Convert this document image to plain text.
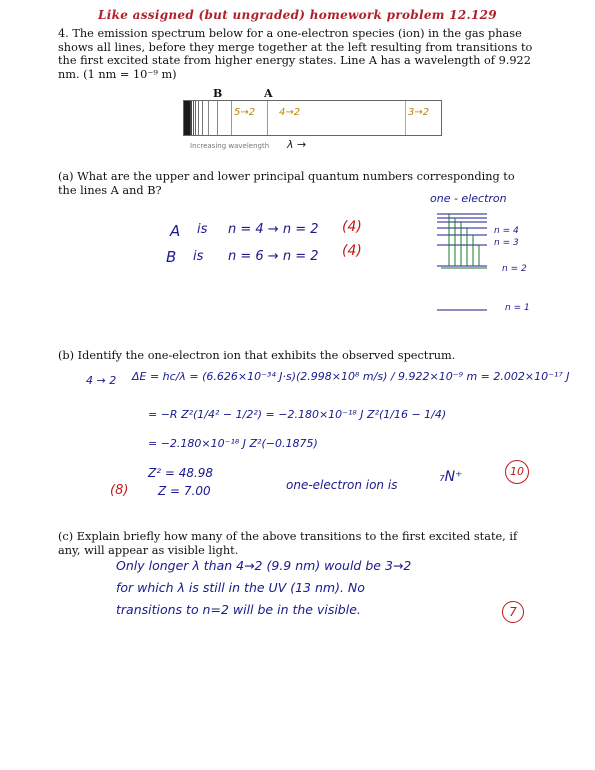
Like assigned (but ungraded) homework problem 12.129
4. The emission spectrum below for a one-electron species (ion) in the gas phase shows all lines, before they merge together at the left resulting from transitions to the first excited state from higher energy states. Line A has a wavelength of 9.922 nm. (1 nm = 10⁻⁹ m)
B	A
5→2 4→2	3→2
Increasing wavelength λ →
(a) What are the upper and lower principal quantum numbers corresponding to the lines A and B?
one - electron
A is n = 4 → n = 2 (4)
B is n = 6 → n = 2 (4)
n = 4
n = 3
n = 2
n = 1
(b) Identify the one-electron ion that exhibits the observed spectrum.
4 → 2 ΔE = hc/λ = (6.626×10⁻³⁴ J·s)(2.998×10⁸ m/s) / 9.922×10⁻⁹ m = 2.002×10⁻¹⁷ J
= −R Z²(1/4² − 1/2²) = −2.180×10⁻¹⁸ J Z²(1/16 − 1/4)
= −2.180×10⁻¹⁸ J Z²(−0.1875)
Z² = 48.98
Z = 7.00
(8)	one-electron ion is	₇N⁺	10
(c) Explain briefly how many of the above transitions to the first excited state, if any, will appear as visible light.
Only longer λ than 4→2 (9.9 nm) would be 3→2
for which λ is still in the UV (13 nm). No
transitions to n=2 will be in the visible.	7
